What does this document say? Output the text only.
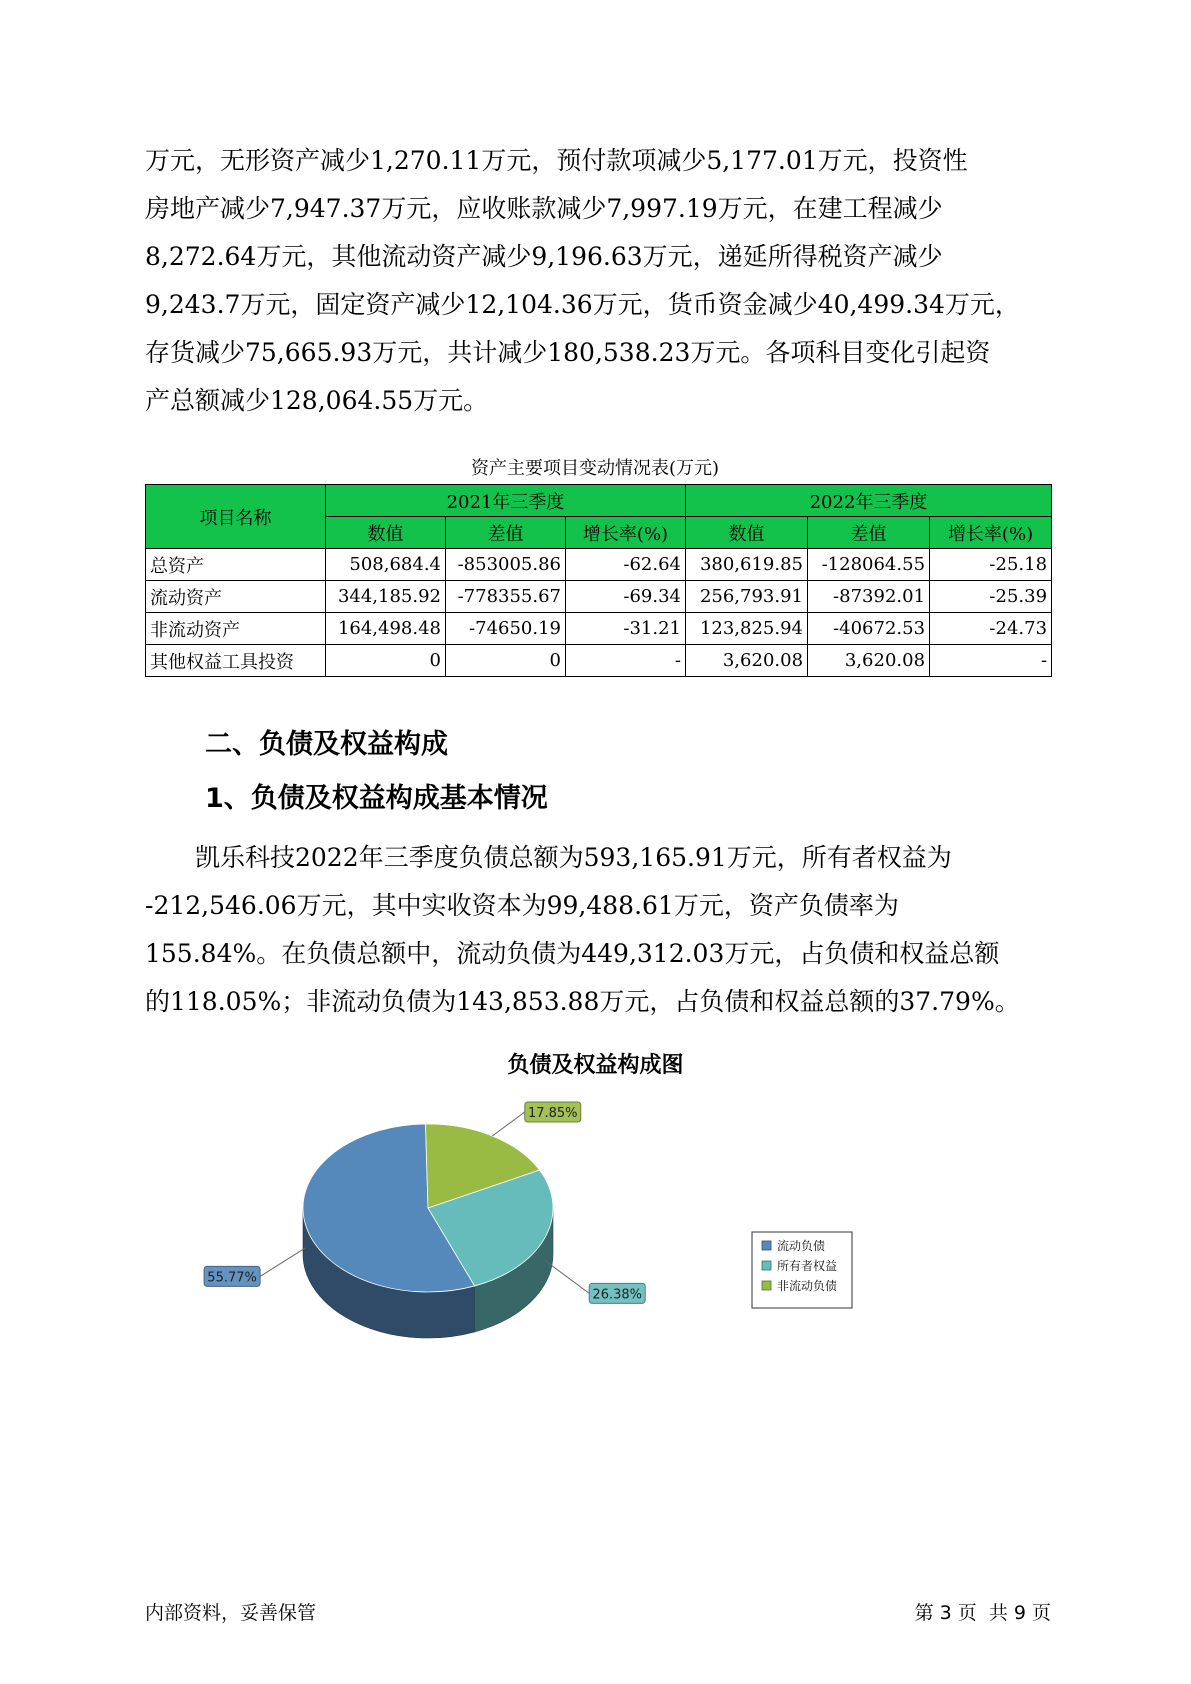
万元，无形资产减少1,270.11万元，预付款项减少5,177.01万元，投资性

房地产减少7,947.37万元，应收账款减少7,997.19万元，在建工程减少

8,272.64万元，其他流动资产减少9,196.63万元，递延所得税资产减少

9,243.7万元，固定资产减少12,104.36万元，货币资金减少40,499.34万元，

存货减少75,665.93万元，共计减少180,538.23万元。各项科目变化引起资

产总额减少128,064.55万元。

资产主要项目变动情况表(万元)
项目名称	2021年三季度			2022年三季度		
	数值	差值	增长率(%)	数值	差值	增长率(%)
总资产	508,684.4	-853005.86	-62.64	380,619.85	-128064.55	-25.18
流动资产	344,185.92	-778355.67	-69.34	256,793.91	-87392.01	-25.39
非流动资产	164,498.48	-74650.19	-31.21	123,825.94	-40672.53	-24.73
其他权益工具投资	0	0	-	3,620.08	3,620.08	-
二、负债及权益构成
1、负债及权益构成基本情况

凯乐科技2022年三季度负债总额为593,165.91万元，所有者权益为

-212,546.06万元，其中实收资本为99,488.61万元，资产负债率为

155.84%。在负债总额中，流动负债为449,312.03万元，占负债和权益总额

的118.05%；非流动负债为143,853.88万元，占负债和权益总额的37.79%。

负债及权益构成图
55.77%
26.38%
17.85%
流动负债
所有者权益
非流动负债
内部资料，妥善保管	第 3 页  共 9 页
